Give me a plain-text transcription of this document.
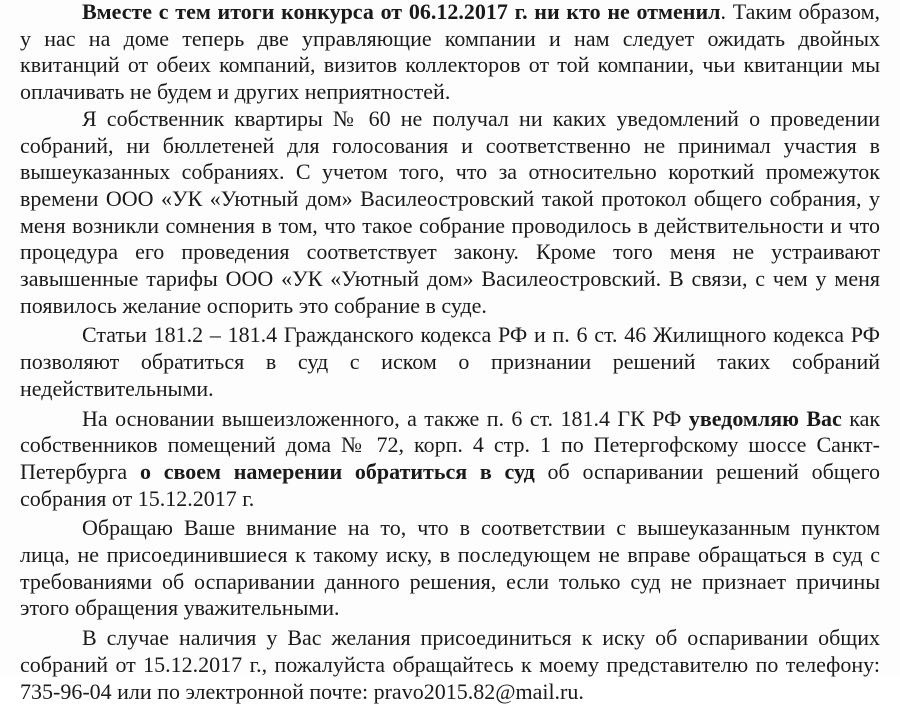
Вместе с тем итоги конкурса от 06.12.2017 г. ни кто не отменил. Таким образом, у нас на доме теперь две управляющие компании и нам следует ожидать двойных квитанций от обеих компаний, визитов коллекторов от той компании, чьи квитанции мы оплачивать не будем и других неприятностей.

Я собственник квартиры № 60 не получал ни каких уведомлений о проведении собраний, ни бюллетеней для голосования и соответственно не принимал участия в вышеуказанных собраниях. С учетом того, что за относительно короткий промежуток времени ООО «УК «Уютный дом» Василеостровский такой протокол общего собрания, у меня возникли сомнения в том, что такое собрание проводилось в действительности и что процедура его проведения соответствует закону. Кроме того меня не устраивают завышенные тарифы ООО «УК «Уютный дом» Василеостровский. В связи, с чем у меня появилось желание оспорить это собрание в суде.

Статьи 181.2 – 181.4 Гражданского кодекса РФ и п. 6 ст. 46 Жилищного кодекса РФ позволяют обратиться в суд с иском о признании решений таких собраний недействительными.

На основании вышеизложенного, а также п. 6 ст. 181.4 ГК РФ уведомляю Вас как собственников помещений дома № 72, корп. 4 стр. 1 по Петергофскому шоссе Санкт-Петербурга о своем намерении обратиться в суд об оспаривании решений общего собрания от 15.12.2017 г.

Обращаю Ваше внимание на то, что в соответствии с вышеуказанным пунктом лица, не присоединившиеся к такому иску, в последующем не вправе обращаться в суд с требованиями об оспаривании данного решения, если только суд не признает причины этого обращения уважительными.

В случае наличия у Вас желания присоединиться к иску об оспаривании общих собраний от 15.12.2017 г., пожалуйста обращайтесь к моему представителю по телефону: 735-96-04 или по электронной почте: pravo2015.82@mail.ru.
